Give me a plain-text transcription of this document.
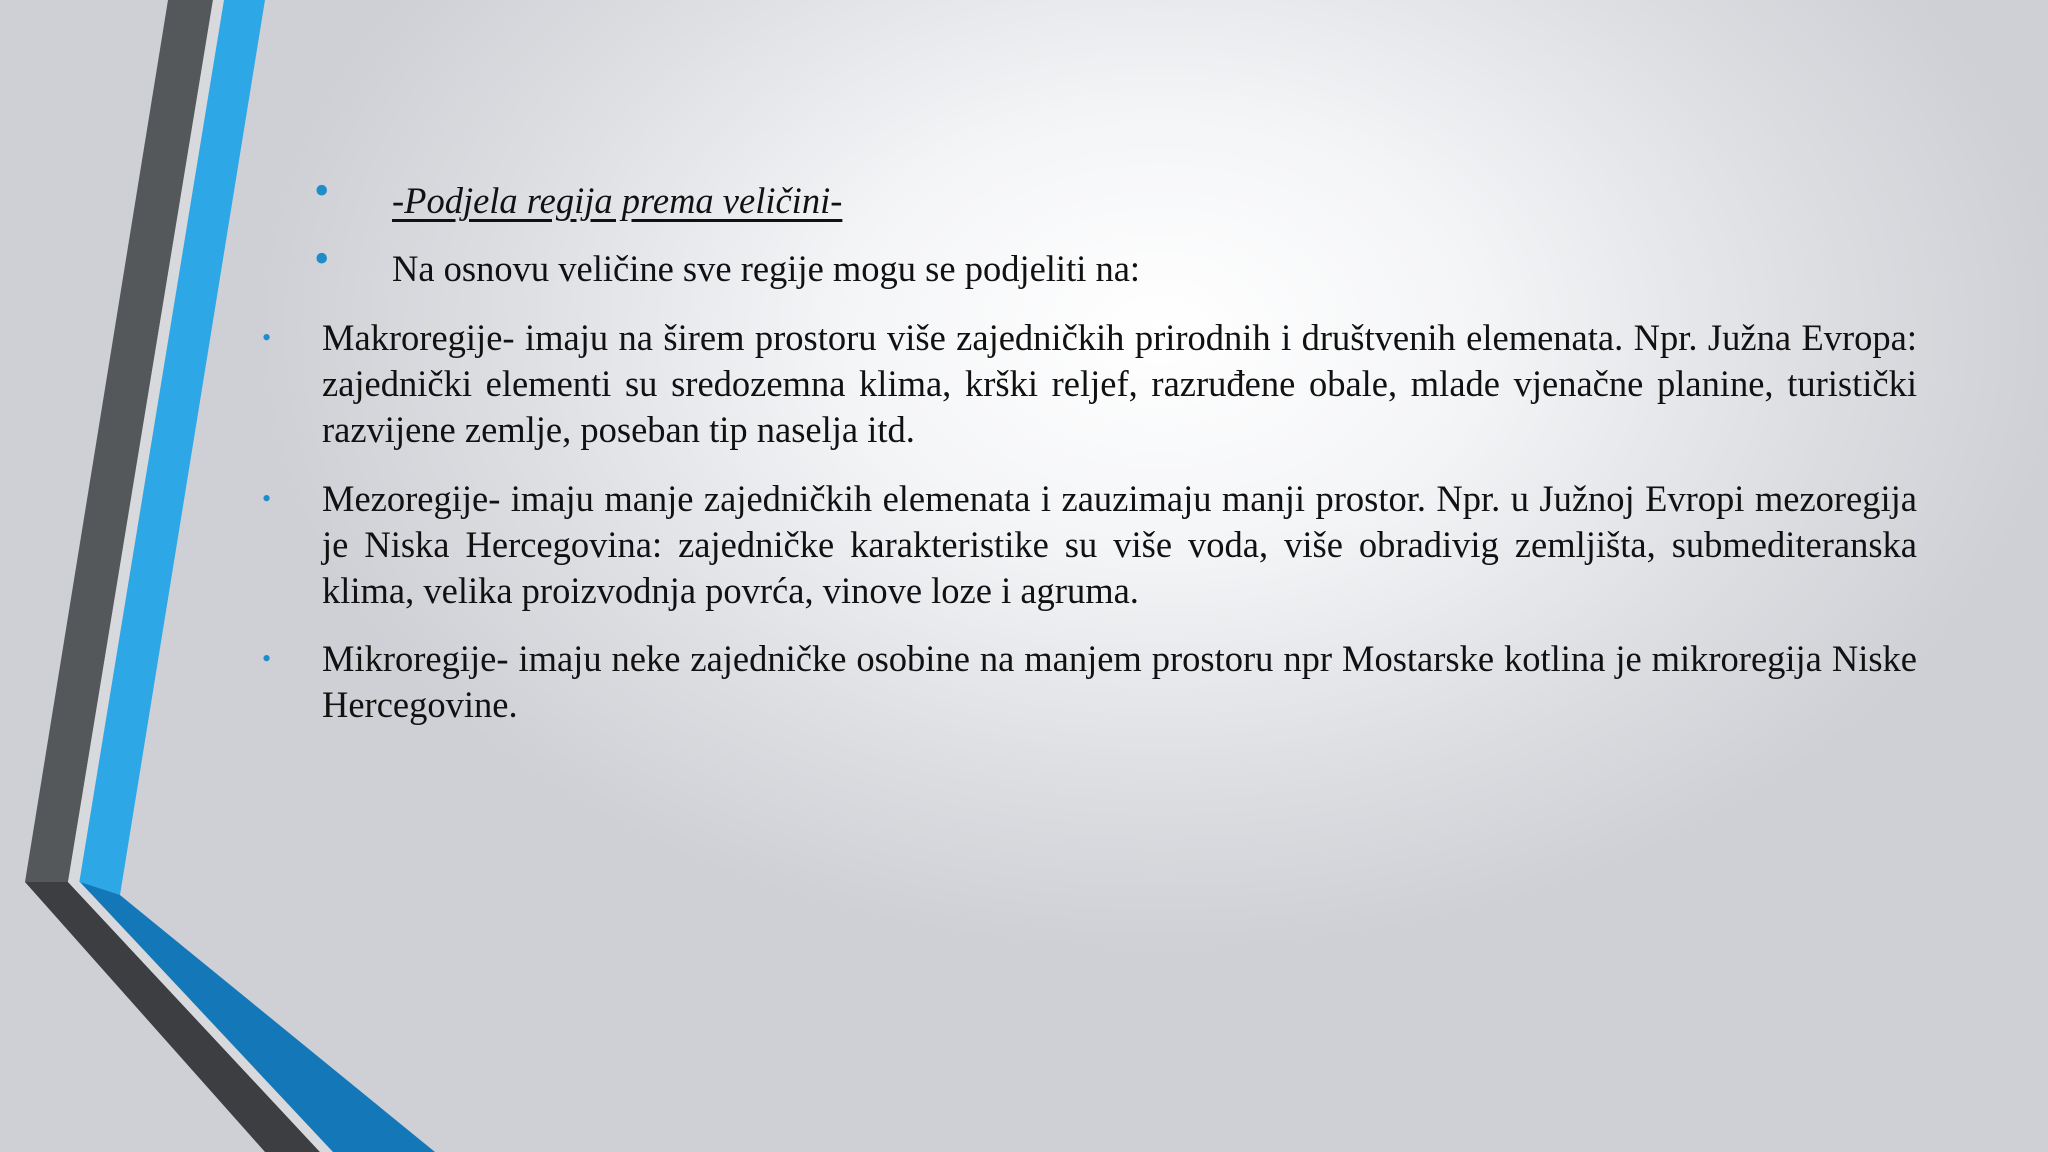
• -Podjela regija prema veličini-
• Na osnovu veličine sve regije mogu se podjeliti na:
• Makroregije- imaju na širem prostoru više zajedničkih prirodnih i društvenih elemenata. Npr. Južna Evropa: zajednički elementi su sredozemna klima, krški reljef, razruđene obale, mlade vjenačne planine, turistički razvijene zemlje, poseban tip naselja itd.
• Mezoregije- imaju manje zajedničkih elemenata i zauzimaju manji prostor. Npr. u Južnoj Evropi mezoregija je Niska Hercegovina: zajedničke karakteristike su više voda, više obradivig zemljišta, submediteranska klima, velika proizvodnja povrća, vinove loze i agruma.
• Mikroregije- imaju neke zajedničke osobine na manjem prostoru npr Mostarske kotlina je mikroregija Niske Hercegovine.
